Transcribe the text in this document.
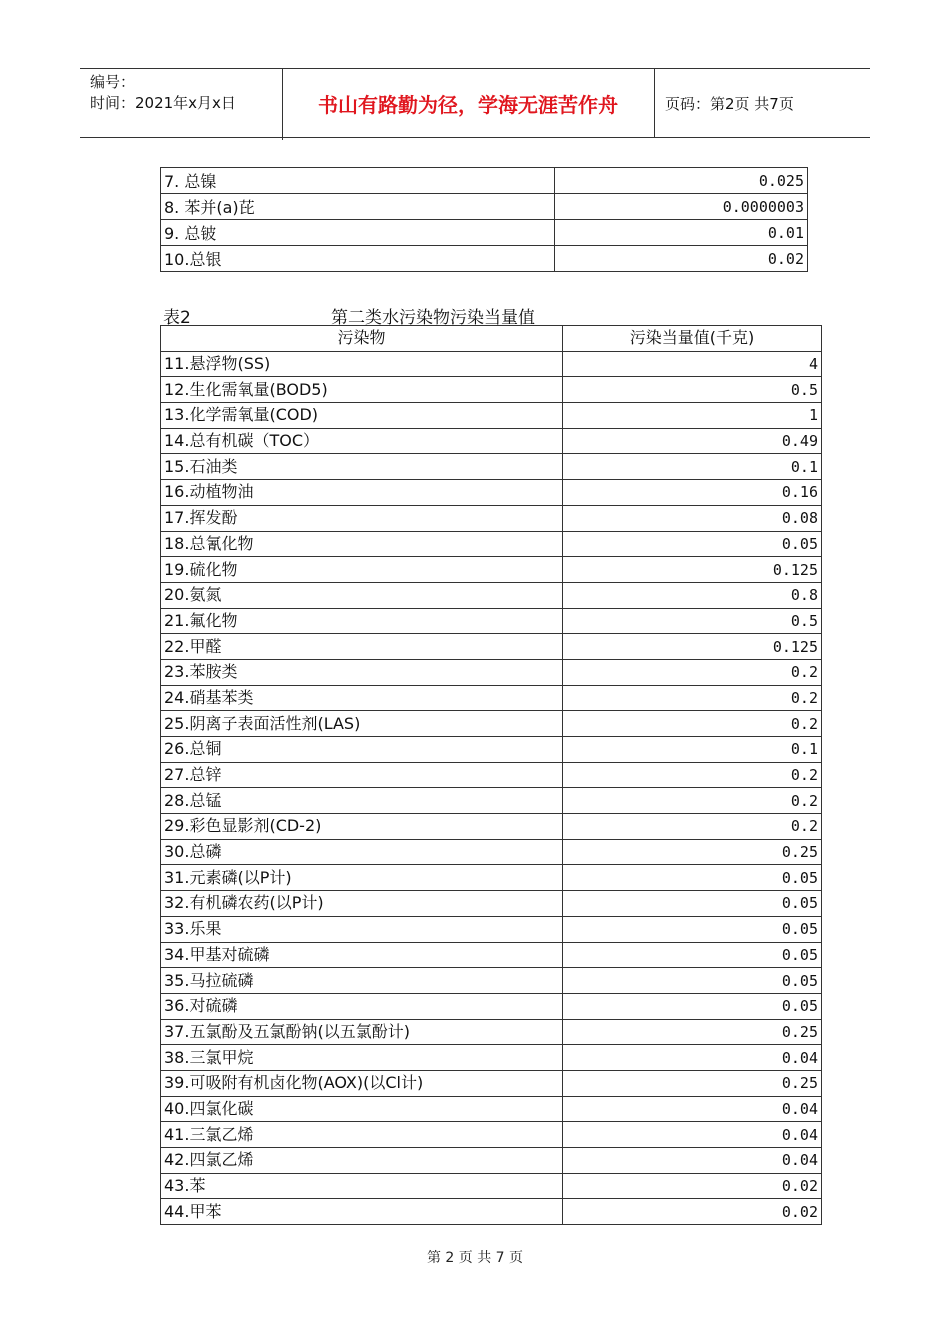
编号：
时间：2021年x月x日	书山有路勤为径，学海无涯苦作舟	页码：第2页 共7页
7. 总镍	0.025
8. 苯并(a)芘	0.0000003
9. 总铍	0.01
10.总银	0.02
表2	第二类水污染物污染当量值
污染物	污染当量值(千克)
11.悬浮物(SS)	4
12.生化需氧量(BOD5)	0.5
13.化学需氧量(COD)	1
14.总有机碳（TOC）	0.49
15.石油类	0.1
16.动植物油	0.16
17.挥发酚	0.08
18.总氰化物	0.05
19.硫化物	0.125
20.氨氮	0.8
21.氟化物	0.5
22.甲醛	0.125
23.苯胺类	0.2
24.硝基苯类	0.2
25.阴离子表面活性剂(LAS)	0.2
26.总铜	0.1
27.总锌	0.2
28.总锰	0.2
29.彩色显影剂(CD-2)	0.2
30.总磷	0.25
31.元素磷(以P计)	0.05
32.有机磷农药(以P计)	0.05
33.乐果	0.05
34.甲基对硫磷	0.05
35.马拉硫磷	0.05
36.对硫磷	0.05
37.五氯酚及五氯酚钠(以五氯酚计)	0.25
38.三氯甲烷	0.04
39.可吸附有机卤化物(AOX)(以Cl计)	0.25
40.四氯化碳	0.04
41.三氯乙烯	0.04
42.四氯乙烯	0.04
43.苯	0.02
44.甲苯	0.02
第 2 页 共 7 页
